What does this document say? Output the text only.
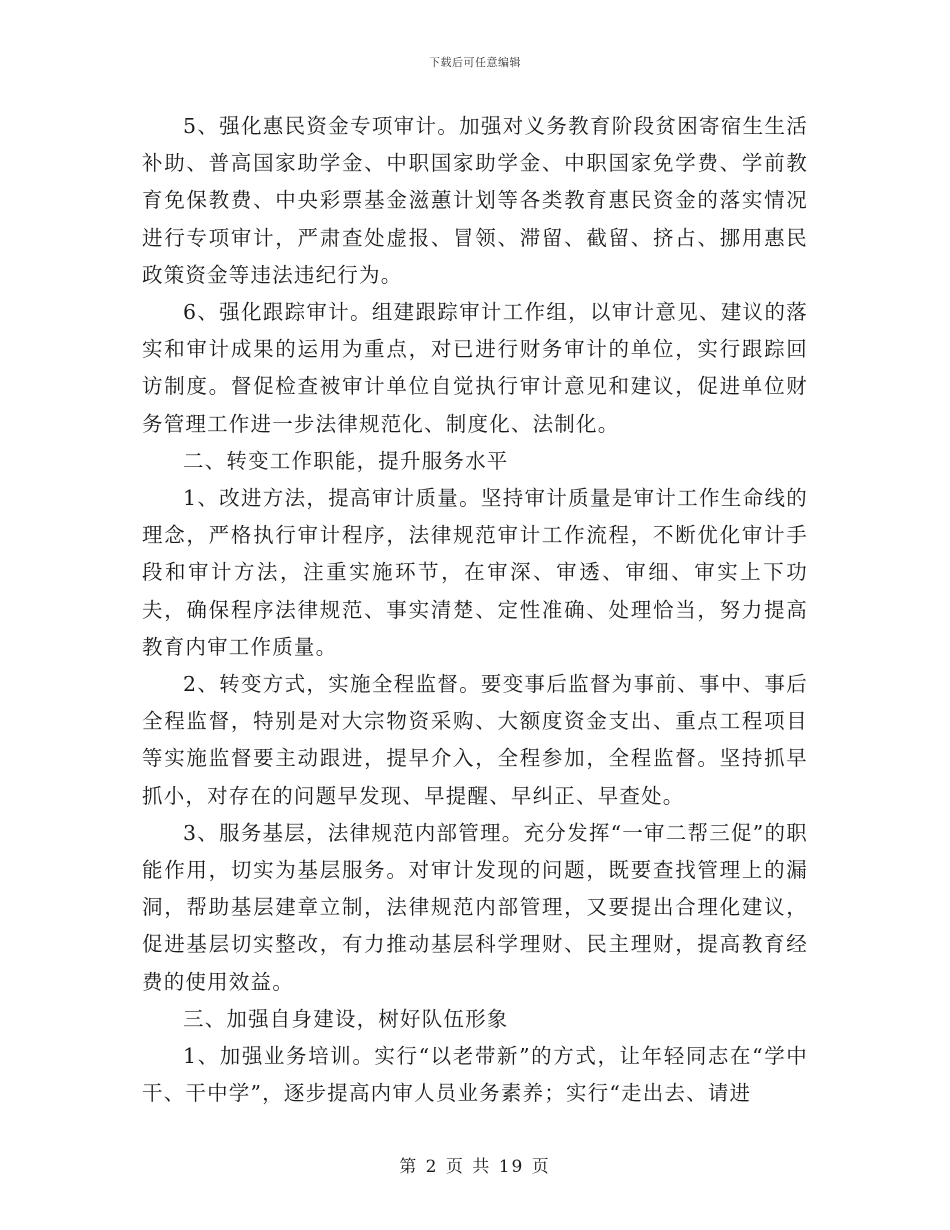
下载后可任意编辑

5、强化惠民资金专项审计。加强对义务教育阶段贫困寄宿生生活补助、普高国家助学金、中职国家助学金、中职国家免学费、学前教育免保教费、中央彩票基金滋蕙计划等各类教育惠民资金的落实情况进行专项审计，严肃查处虚报、冒领、滞留、截留、挤占、挪用惠民政策资金等违法违纪行为。

6、强化跟踪审计。组建跟踪审计工作组，以审计意见、建议的落实和审计成果的运用为重点，对已进行财务审计的单位，实行跟踪回访制度。督促检查被审计单位自觉执行审计意见和建议，促进单位财务管理工作进一步法律规范化、制度化、法制化。

二、转变工作职能，提升服务水平

1、改进方法，提高审计质量。坚持审计质量是审计工作生命线的理念，严格执行审计程序，法律规范审计工作流程，不断优化审计手段和审计方法，注重实施环节，在审深、审透、审细、审实上下功夫，确保程序法律规范、事实清楚、定性准确、处理恰当，努力提高教育内审工作质量。

2、转变方式，实施全程监督。要变事后监督为事前、事中、事后全程监督，特别是对大宗物资采购、大额度资金支出、重点工程项目等实施监督要主动跟进，提早介入，全程参加，全程监督。坚持抓早抓小，对存在的问题早发现、早提醒、早纠正、早查处。

3、服务基层，法律规范内部管理。充分发挥“一审二帮三促”的职能作用，切实为基层服务。对审计发现的问题，既要查找管理上的漏洞，帮助基层建章立制，法律规范内部管理，又要提出合理化建议，促进基层切实整改，有力推动基层科学理财、民主理财，提高教育经费的使用效益。

三、加强自身建设，树好队伍形象

1、加强业务培训。实行“以老带新”的方式，让年轻同志在“学中干、干中学”，逐步提高内审人员业务素养；实行“走出去、请进

第 2 页 共 19 页
